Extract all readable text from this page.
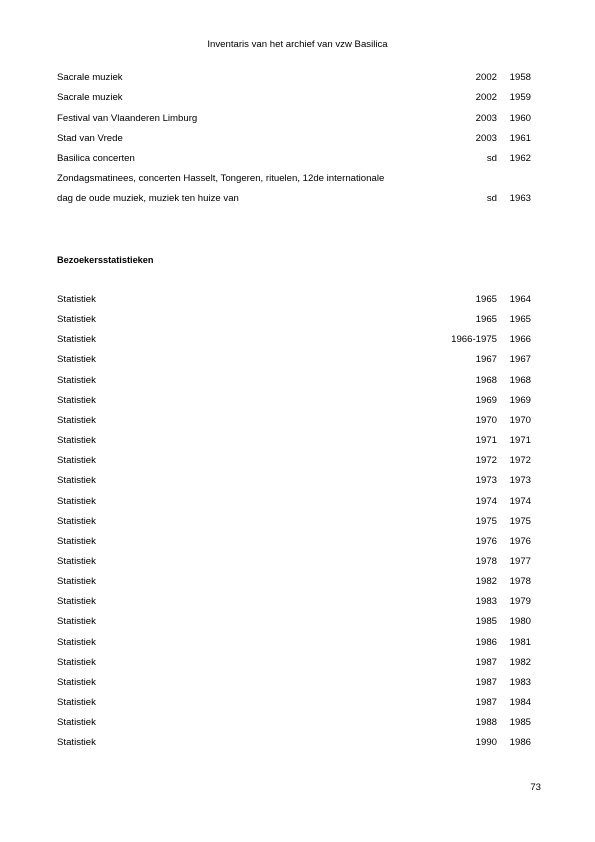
Inventaris van het archief van vzw Basilica
Sacrale muziek	2002 1958
Sacrale muziek	2002 1959
Festival van Vlaanderen Limburg	2003 1960
Stad van Vrede	2003 1961
Basilica concerten	sd 1962
Zondagsmatinees, concerten Hasselt, Tongeren, rituelen, 12de internationale
dag de oude muziek, muziek ten huize van	sd 1963
Bezoekersstatistieken
Statistiek	1965 1964
Statistiek	1965 1965
Statistiek	1966-1975 1966
Statistiek	1967 1967
Statistiek	1968 1968
Statistiek	1969 1969
Statistiek	1970 1970
Statistiek	1971 1971
Statistiek	1972 1972
Statistiek	1973 1973
Statistiek	1974 1974
Statistiek	1975 1975
Statistiek	1976 1976
Statistiek	1978 1977
Statistiek	1982 1978
Statistiek	1983 1979
Statistiek	1985 1980
Statistiek	1986 1981
Statistiek	1987 1982
Statistiek	1987 1983
Statistiek	1987 1984
Statistiek	1988 1985
Statistiek	1990 1986
73
